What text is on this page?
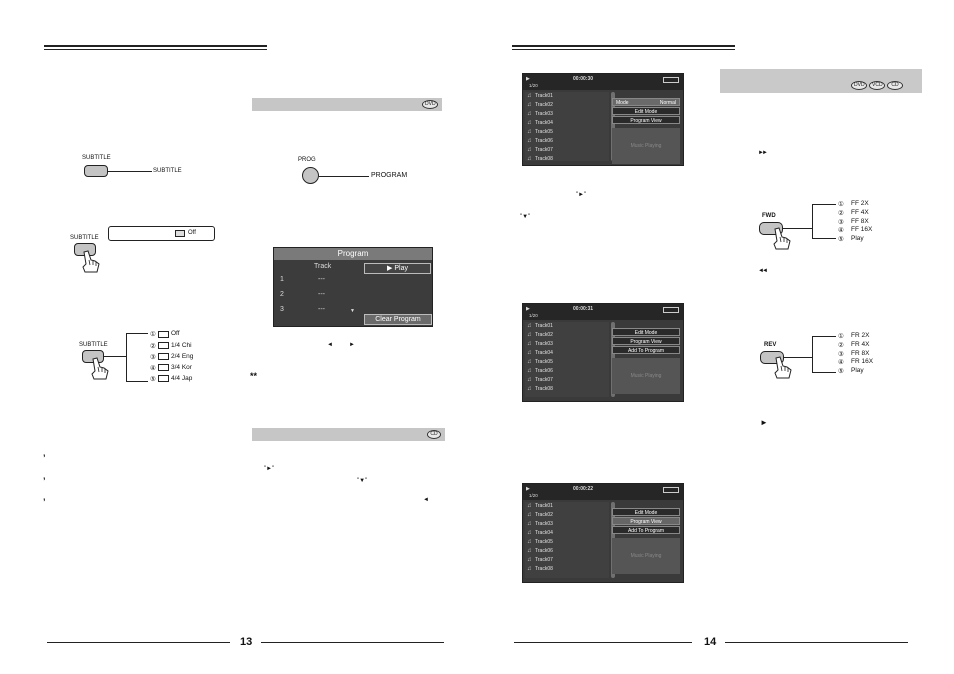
SUBTITLE
SUBTITLE
SUBTITLE
Off
SUBTITLE
① Off
② 1/4 Chi
③ 2/4 Eng
④ 3/4 Kor
⑤ 4/4 Jap
’
’
’
DVD
PROG
PROGRAM
Program
Track
1	---
2	---
3	---	▼
▶ Play
Clear Program
◄	►
**
CD
"►"
"▼"
◄
13
▶	00:00:30
1/20
♫ Track01
♫ Track02
♫ Track03
♫ Track04
♫ Track05
♫ Track06
♫ Track07
♫ Track08
Mode	Normal
Edit Mode
Program View
Music Playing
"►"
"▼"
▶	00:00:31
1/20
♫ Track01
♫ Track02
♫ Track03
♫ Track04
♫ Track05
♫ Track06
♫ Track07
♫ Track08
Edit Mode
Program View
Add To Program
Music Playing
▶	00:00:22
1/20
♫ Track01
♫ Track02
♫ Track03
♫ Track04
♫ Track05
♫ Track06
♫ Track07
♫ Track08
Edit Mode
Program View
Add To Program
Music Playing
DVD	VCD	CD
►►
FWD
① FF 2X
② FF 4X
③ FF 8X
④ FF 16X
⑤ Play
◄◄
REV
① FR 2X
② FR 4X
③ FR 8X
④ FR 16X
⑤ Play
►
14
